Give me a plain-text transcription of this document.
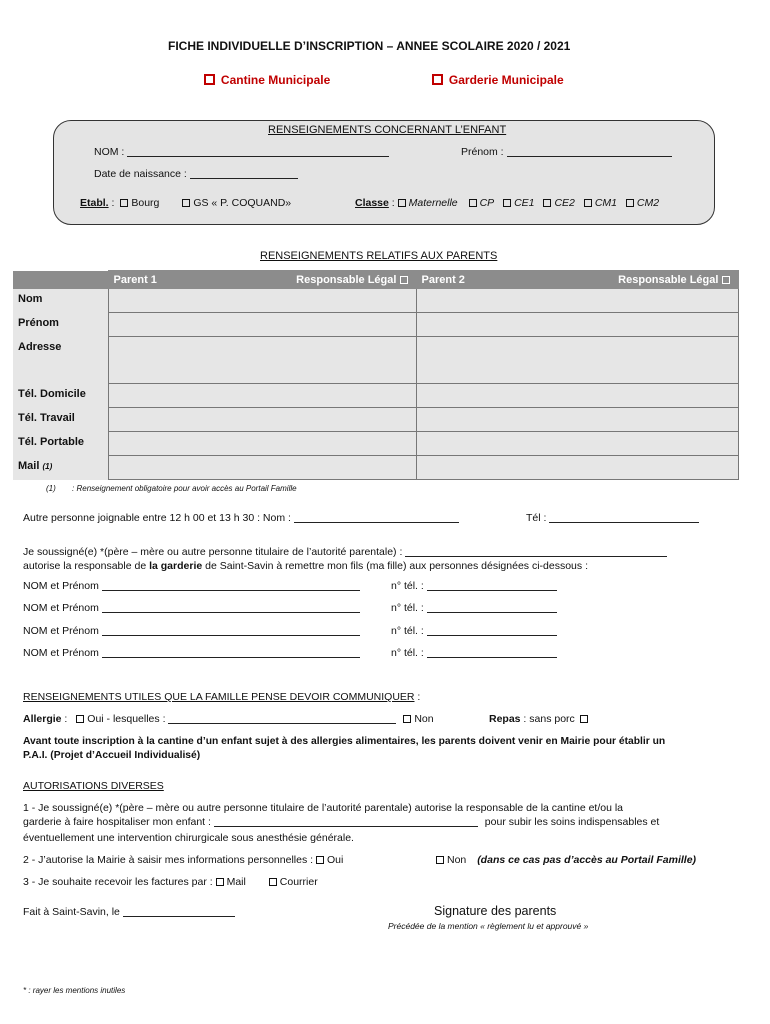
FICHE INDIVIDUELLE D’INSCRIPTION – ANNEE SCOLAIRE 2020 / 2021
Cantine Municipale	Garderie Municipale
RENSEIGNEMENTS CONCERNANT L’ENFANT
NOM :	Prénom :
Date de naissance :
Etabl. : Bourg	GS « P. COQUAND»	Classe : Maternelle CP CE1 CE2 CM1 CM2
RENSEIGNEMENTS RELATIFS AUX PARENTS
	Parent 1 Responsable Légal	Parent 2 Responsable Légal

Nom		
Prénom		
Adresse		
Tél. Domicile		
Tél. Travail		
Tél. Portable		
Mail (1)		
(1) : Renseignement obligatoire pour avoir accès au Portail Famille
Autre personne joignable entre 12 h 00 et 13 h 30 : Nom :	Tél :
Je soussigné(e) *(père – mère ou autre personne titulaire de l’autorité parentale) :
autorise la responsable de la garderie de Saint-Savin à remettre mon fils (ma fille) aux personnes désignées ci-dessous :
NOM et Prénom	n° tél. :
NOM et Prénom	n° tél. :
NOM et Prénom	n° tél. :
NOM et Prénom	n° tél. :
RENSEIGNEMENTS UTILES QUE LA FAMILLE PENSE DEVOIR COMMUNIQUER :
Allergie : Oui - lesquelles :	Non	Repas : sans porc
Avant toute inscription à la cantine d’un enfant sujet à des allergies alimentaires, les parents doivent venir en Mairie pour établir un
P.A.I. (Projet d’Accueil Individualisé)
AUTORISATIONS DIVERSES
1 - Je soussigné(e) *(père – mère ou autre personne titulaire de l’autorité parentale) autorise la responsable de la cantine et/ou la
garderie à faire hospitaliser mon enfant :	pour subir les soins indispensables et
éventuellement une intervention chirurgicale sous anesthésie générale.
2 - J’autorise la Mairie à saisir mes informations personnelles : Oui	Non (dans ce cas pas d’accès au Portail Famille)
3 - Je souhaite recevoir les factures par : Mail	Courrier
Fait à Saint-Savin, le	Signature des parents
Précédée de la mention « règlement lu et approuvé »
* : rayer les mentions inutiles
